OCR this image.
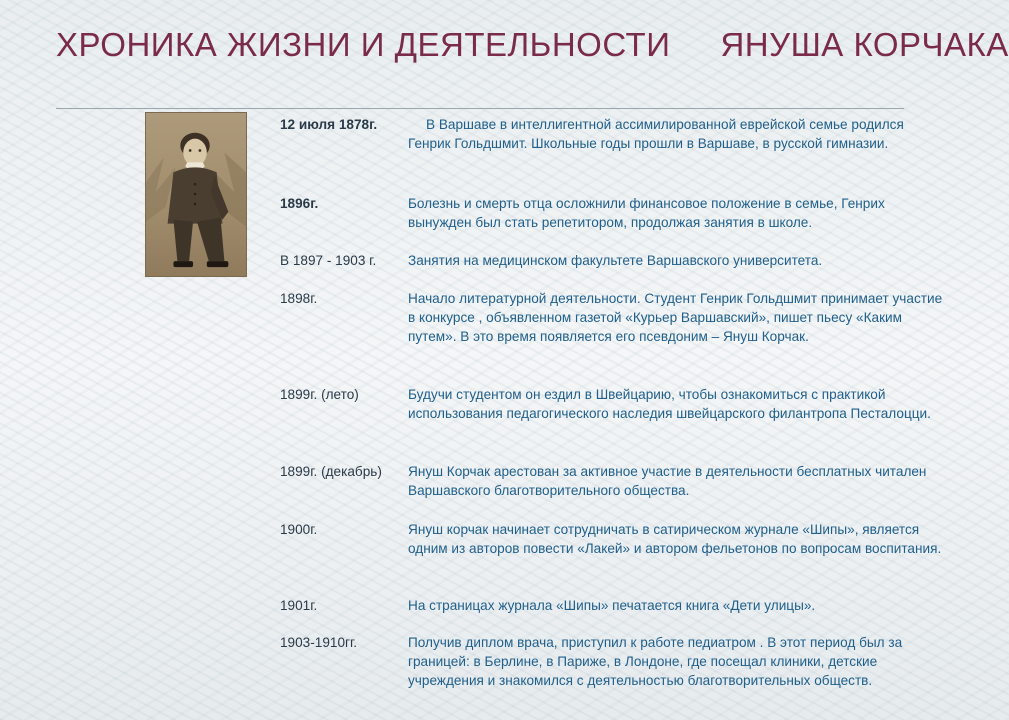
ХРОНИКА ЖИЗНИ И ДЕЯТЕЛЬНОСТИ ЯНУША КОРЧАКА
12 июля 1878г.	В Варшаве в интеллигентной ассимилированной еврейской семье родился Генрик Гольдшмит. Школьные годы прошли в Варшаве, в русской гимназии.
1896г.	Болезнь и смерть отца осложнили финансовое положение в семье, Генрих вынужден был стать репетитором, продолжая занятия в школе.
В 1897 - 1903 г.	Занятия на медицинском факультете Варшавского университета.
1898г.	Начало литературной деятельности. Студент Генрик Гольдшмит принимает участие в конкурсе , объявленном газетой «Курьер Варшавский», пишет пьесу «Каким путем». В это время появляется его псевдоним – Януш Корчак.
1899г. (лето)	Будучи студентом он ездил в Швейцарию, чтобы ознакомиться с практикой использования педагогического наследия швейцарского филантропа Песталоцци.
1899г. (декабрь)	Януш Корчак арестован за активное участие в деятельности бесплатных читален Варшавского благотворительного общества.
1900г.	Януш корчак начинает сотрудничать в сатирическом журнале «Шипы», является одним из авторов повести «Лакей» и автором фельетонов по вопросам воспитания.
1901г.	На страницах журнала «Шипы» печатается книга «Дети улицы».
1903-1910гг.	Получив диплом врача, приступил к работе педиатром . В этот период был за границей: в Берлине, в Париже, в Лондоне, где посещал клиники, детские учреждения и знакомился с деятельностью благотворительных обществ.
